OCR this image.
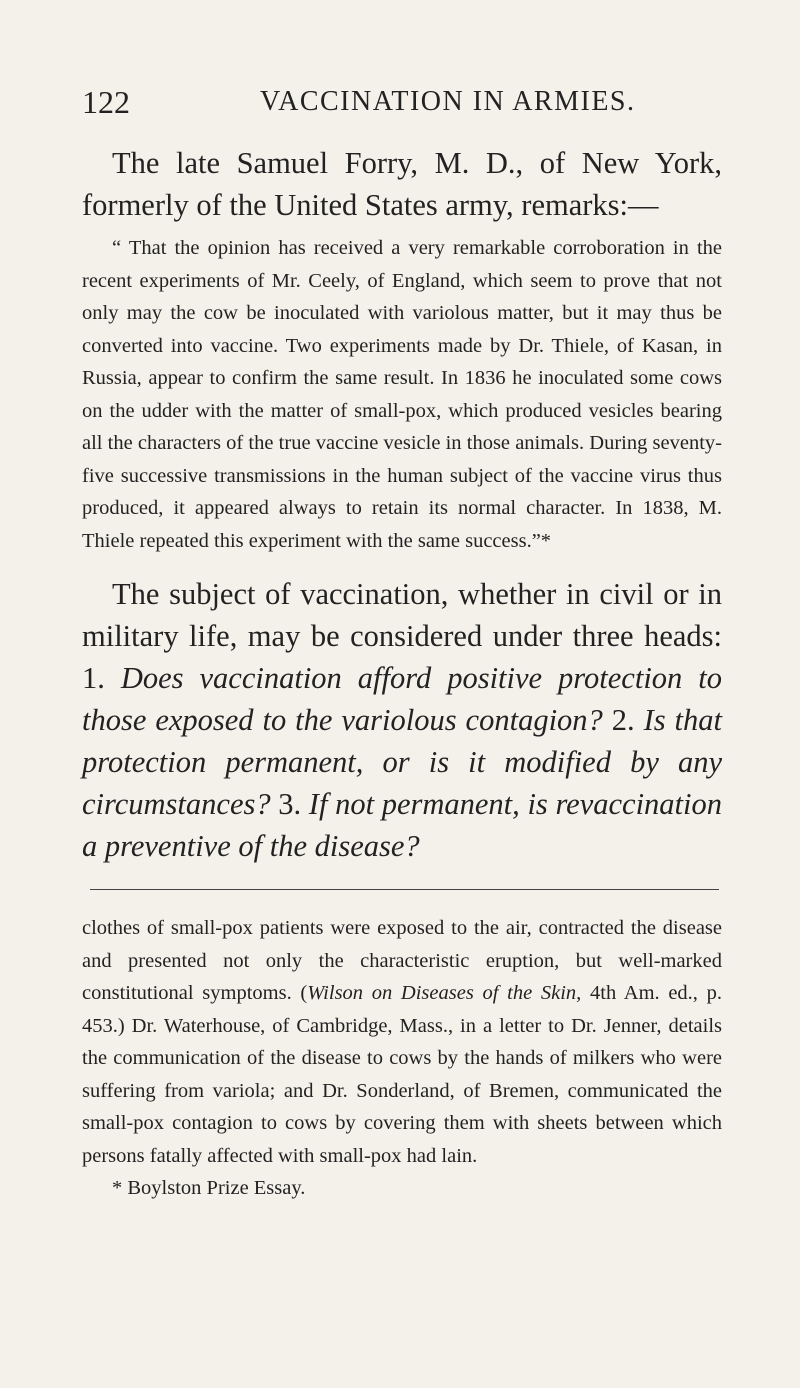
122	VACCINATION IN ARMIES.

The late Samuel Forry, M. D., of New York, formerly of the United States army, remarks:—

“ That the opinion has received a very remarkable corroboration in the recent experiments of Mr. Ceely, of England, which seem to prove that not only may the cow be inoculated with variolous matter, but it may thus be converted into vaccine. Two experiments made by Dr. Thiele, of Kasan, in Russia, appear to confirm the same result. In 1836 he inoculated some cows on the udder with the matter of small-pox, which produced vesicles bearing all the characters of the true vaccine vesicle in those animals. During seventy-five successive transmissions in the human subject of the vaccine virus thus produced, it appeared always to retain its normal character. In 1838, M. Thiele repeated this experiment with the same success.”*

The subject of vaccination, whether in civil or in military life, may be considered under three heads: 1. Does vaccination afford positive protection to those exposed to the variolous contagion? 2. Is that protection permanent, or is it modified by any circumstances? 3. If not permanent, is revaccination a preventive of the disease?

clothes of small-pox patients were exposed to the air, contracted the disease and presented not only the characteristic eruption, but well-marked constitutional symptoms. (Wilson on Diseases of the Skin, 4th Am. ed., p. 453.) Dr. Waterhouse, of Cambridge, Mass., in a letter to Dr. Jenner, details the communication of the disease to cows by the hands of milkers who were suffering from variola; and Dr. Sonderland, of Bremen, communicated the small-pox contagion to cows by covering them with sheets between which persons fatally affected with small-pox had lain.

* Boylston Prize Essay.
